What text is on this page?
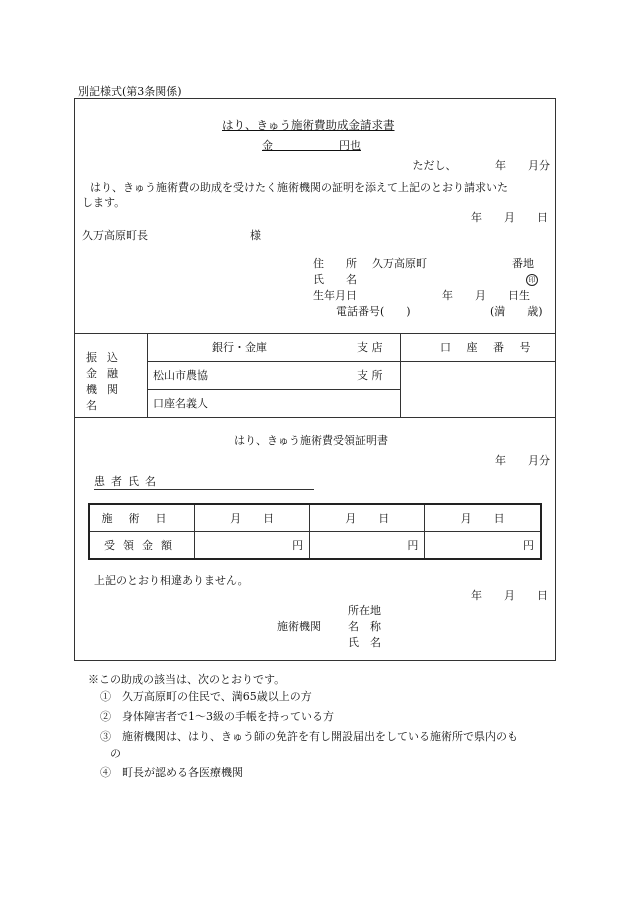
別記様式(第3条関係)
はり、きゅう施術費助成金請求書
金　　　　　　円也
ただし、　　　　年　　月分
はり、きゅう施術費の助成を受けたく施術機関の証明を添えて上記のとおり請求いた
します。
年　　月　　日
久万高原町長	様
住　　所 久万高原町	番地
氏　　名	印
生年月日	年　　月　　日生
電話番号(　　)	(満　　歳)
振込金融機関名
銀行・金庫	支 店	口 座 番 号
松山市農協	支 所
口座名義人
はり、きゅう施術費受領証明書
年　　月分
患者氏名
施術日	月　　日	月　　日	月　　日
受領金額	円	円	円
上記のとおり相違ありません。
年　　月　　日
所在地
施術機関 名　称
氏　名
※この助成の該当は、次のとおりです。
①　久万高原町の住民で、満65歳以上の方
②　身体障害者で1〜3級の手帳を持っている方
③　施術機関は、はり、きゅう師の免許を有し開設届出をしている施術所で県内のも
の
④　町長が認める各医療機関
